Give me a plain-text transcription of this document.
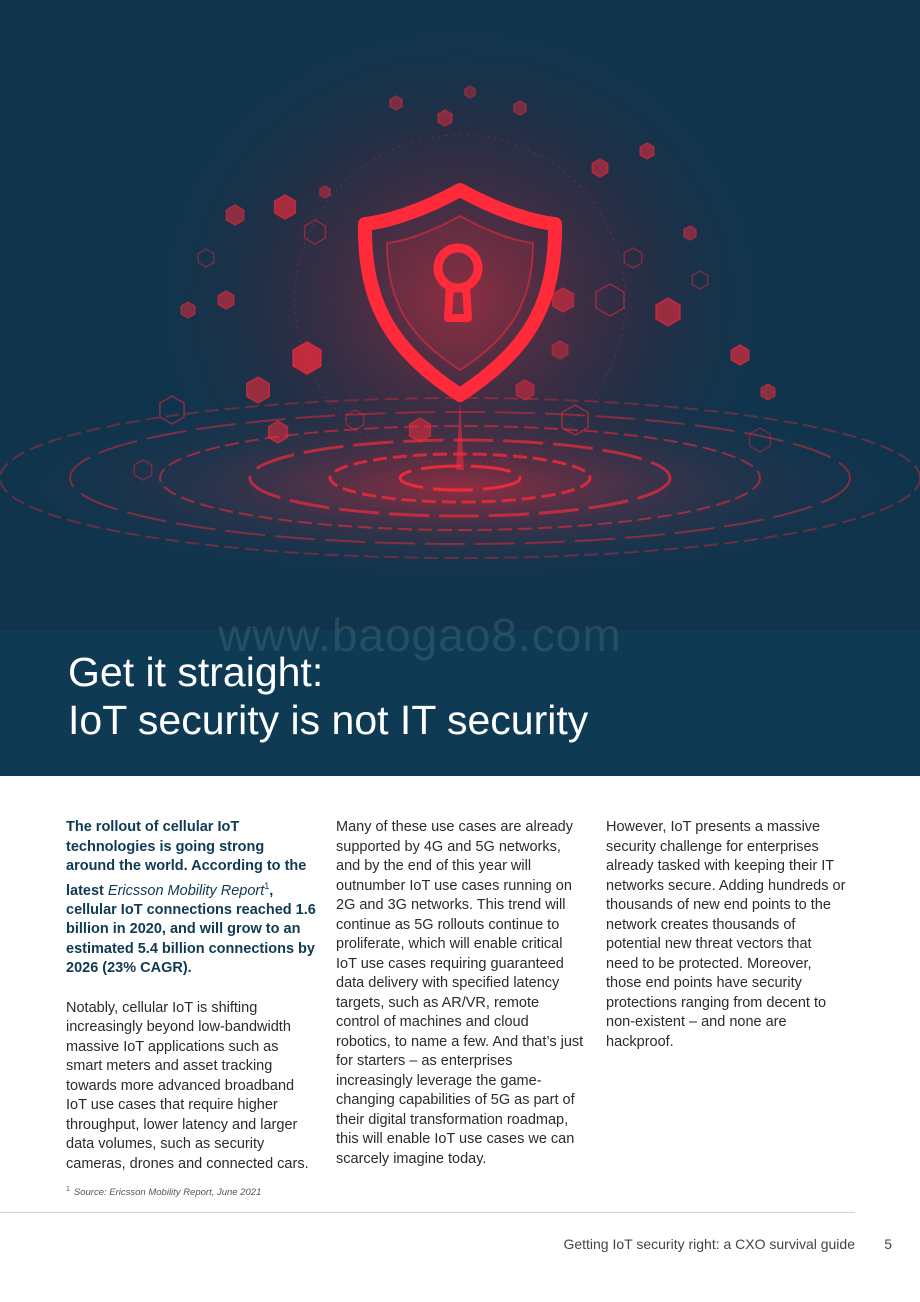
www.baogao8.com
Get it straight:
IoT security is not IT security

The rollout of cellular IoT technologies is going strong around the world. According to the latest Ericsson Mobility Report$^1$, cellular IoT connections reached 1.6 billion in 2020, and will grow to an estimated 5.4 billion connections by 2026 (23% CAGR).

Notably, cellular IoT is shifting increasingly beyond low-bandwidth massive IoT applications such as smart meters and asset tracking towards more advanced broadband IoT use cases that require higher throughput, lower latency and larger data volumes, such as security cameras, drones and connected cars.

Many of these use cases are already supported by 4G and 5G networks, and by the end of this year will outnumber IoT use cases running on 2G and 3G networks. This trend will continue as 5G rollouts continue to proliferate, which will enable critical IoT use cases requiring guaranteed data delivery with specified latency targets, such as AR/VR, remote control of machines and cloud robotics, to name a few. And that’s just for starters – as enterprises increasingly leverage the game-changing capabilities of 5G as part of their digital transformation roadmap, this will enable IoT use cases we can scarcely imagine today.

However, IoT presents a massive security challenge for enterprises already tasked with keeping their IT networks secure. Adding hundreds or thousands of new end points to the network creates thousands of potential new threat vectors that need to be protected. Moreover, those end points have security protections ranging from decent to non-existent – and none are hackproof.

$^1$ Source: Ericsson Mobility Report, June 2021
Getting IoT security right: a CXO survival guide 5
